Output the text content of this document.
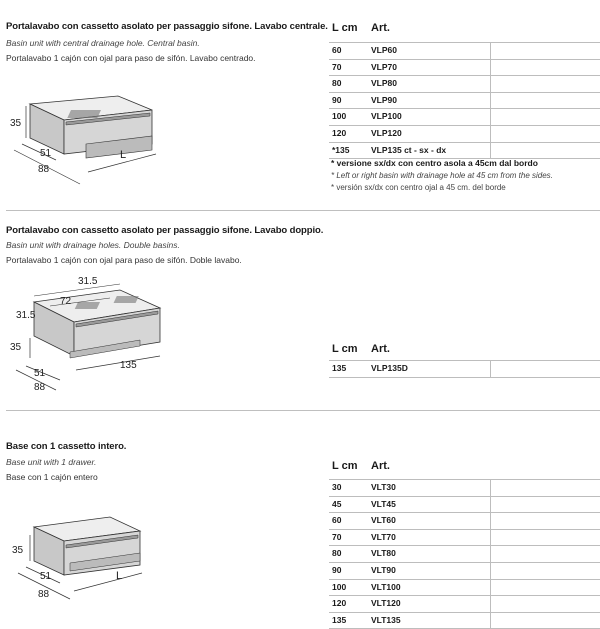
Portalavabo con cassetto asolato per passaggio sifone. Lavabo centrale.
Basin unit with central drainage hole. Central basin.
Portalavabo 1 cajón con ojal para paso de sifón. Lavabo centrado.
L cm Art.
60	VLP60
70	VLP70
80	VLP80
90	VLP90
100	VLP100
120	VLP120
*135	VLP135 ct - sx - dx
* versione sx/dx con centro asola a 45cm dal bordo
* Left or right basin with drainage hole at 45 cm from the sides.
* versión sx/dx con centro ojal a 45 cm. del borde
35
51
88
L
Portalavabo con cassetto asolato per passaggio sifone. Lavabo doppio.
Basin unit with drainage holes. Double basins.
Portalavabo 1 cajón con ojal para paso de sifón. Doble lavabo.
L cm Art.
135	VLP135D
31.5
72
31.5
35
51
88
135
Base con 1 cassetto intero.
Base unit with 1 drawer.
Base con 1 cajón entero
L cm Art.
30	VLT30
45	VLT45
60	VLT60
70	VLT70
80	VLT80
90	VLT90
100	VLT100
120	VLT120
135	VLT135
35
51
88
L
